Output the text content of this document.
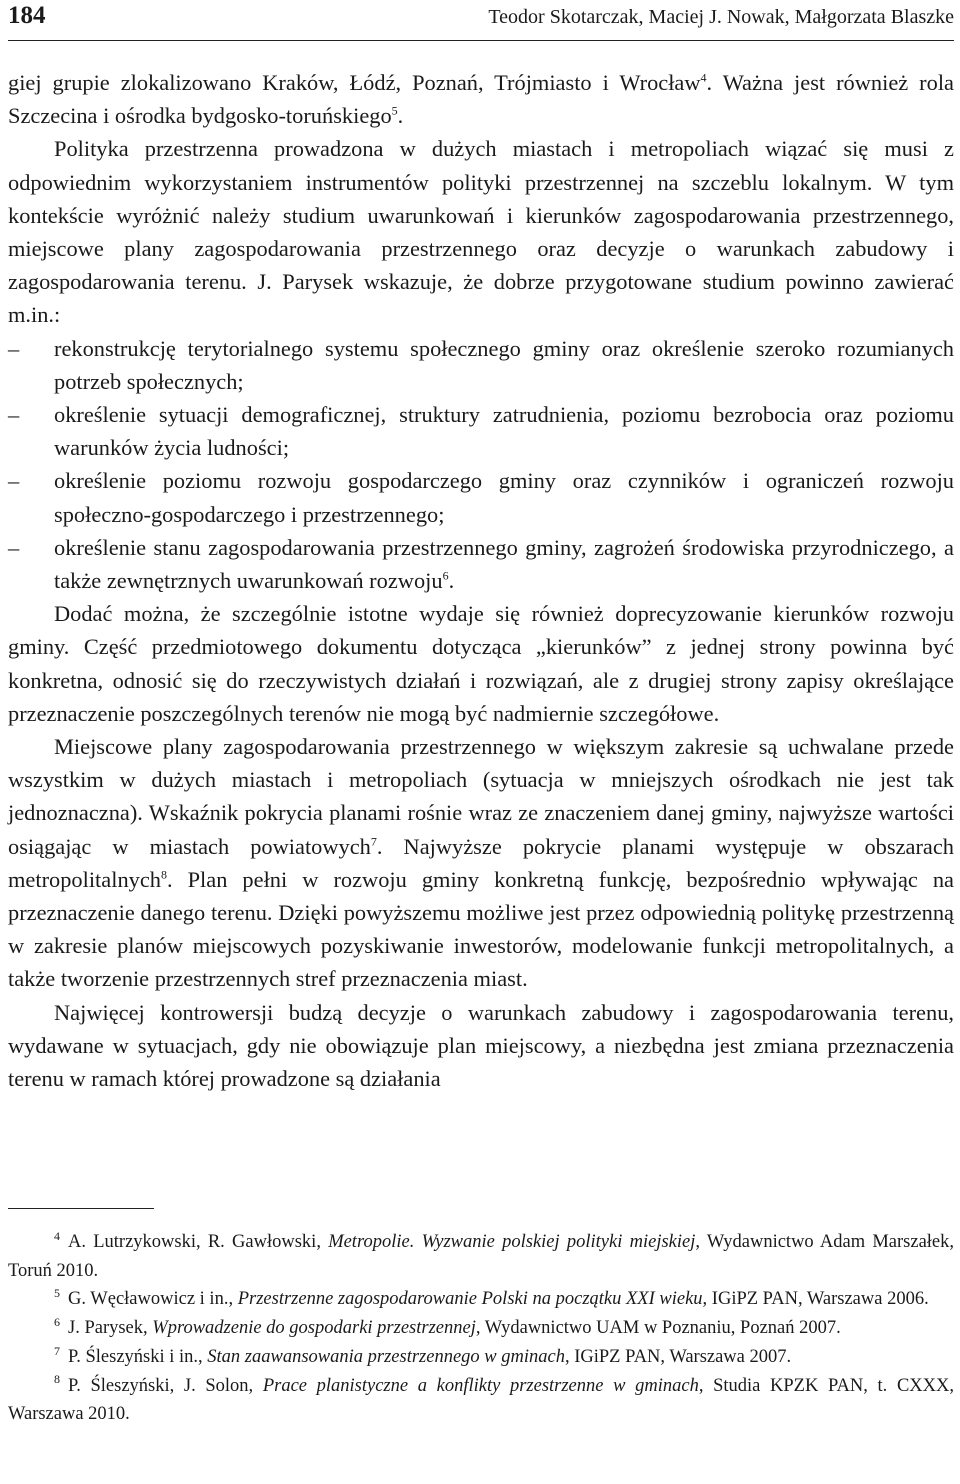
184	Teodor Skotarczak, Maciej J. Nowak, Małgorzata Blaszke

giej grupie zlokalizowano Kraków, Łódź, Poznań, Trójmiasto i Wrocław$^4$. Ważna jest również rola Szczecina i ośrodka bydgosko-toruńskiego$^5$.

Polityka przestrzenna prowadzona w dużych miastach i metropoliach wiązać się musi z odpowiednim wykorzystaniem instrumentów polityki przestrzennej na szczeblu lokalnym. W tym kontekście wyróżnić należy studium uwarunkowań i kierunków zagospodarowania przestrzennego, miejscowe plany zagospodarowania przestrzennego oraz decyzje o warunkach zabudowy i zagospodarowania terenu. J. Parysek wskazuje, że dobrze przygotowane studium powinno zawierać m.in.:

– rekonstrukcję terytorialnego systemu społecznego gminy oraz określenie szeroko rozumianych potrzeb społecznych;
– określenie sytuacji demograficznej, struktury zatrudnienia, poziomu bezrobocia oraz poziomu warunków życia ludności;
– określenie poziomu rozwoju gospodarczego gminy oraz czynników i ograniczeń rozwoju społeczno-gospodarczego i przestrzennego;
– określenie stanu zagospodarowania przestrzennego gminy, zagrożeń środowiska przyrodniczego, a także zewnętrznych uwarunkowań rozwoju$^6$.

Dodać można, że szczególnie istotne wydaje się również doprecyzowanie kierunków rozwoju gminy. Część przedmiotowego dokumentu dotycząca „kierunków” z jednej strony powinna być konkretna, odnosić się do rzeczywistych działań i rozwiązań, ale z drugiej strony zapisy określające przeznaczenie poszczególnych terenów nie mogą być nadmiernie szczegółowe.

Miejscowe plany zagospodarowania przestrzennego w większym zakresie są uchwalane przede wszystkim w dużych miastach i metropoliach (sytuacja w mniejszych ośrodkach nie jest tak jednoznaczna). Wskaźnik pokrycia planami rośnie wraz ze znaczeniem danej gminy, najwyższe wartości osiągając w miastach powiatowych$^7$. Najwyższe pokrycie planami występuje w obszarach metropolitalnych$^8$. Plan pełni w rozwoju gminy konkretną funkcję, bezpośrednio wpływając na przeznaczenie danego terenu. Dzięki powyższemu możliwe jest przez odpowiednią politykę przestrzenną w zakresie planów miejscowych pozyskiwanie inwestorów, modelowanie funkcji metropolitalnych, a także tworzenie przestrzennych stref przeznaczenia miast.

Najwięcej kontrowersji budzą decyzje o warunkach zabudowy i zagospodarowania terenu, wydawane w sytuacjach, gdy nie obowiązuje plan miejscowy, a niezbędna jest zmiana przeznaczenia terenu w ramach której prowadzone są działania

$^4$ A. Lutrzykowski, R. Gawłowski, Metropolie. Wyzwanie polskiej polityki miejskiej, Wydawnictwo Adam Marszałek, Toruń 2010.

$^5$ G. Węcławowicz i in., Przestrzenne zagospodarowanie Polski na początku XXI wieku, IGiPZ PAN, Warszawa 2006.

$^6$ J. Parysek, Wprowadzenie do gospodarki przestrzennej, Wydawnictwo UAM w Poznaniu, Poznań 2007.

$^7$ P. Śleszyński i in., Stan zaawansowania przestrzennego w gminach, IGiPZ PAN, Warszawa 2007.

$^8$ P. Śleszyński, J. Solon, Prace planistyczne a konflikty przestrzenne w gminach, Studia KPZK PAN, t. CXXX, Warszawa 2010.
